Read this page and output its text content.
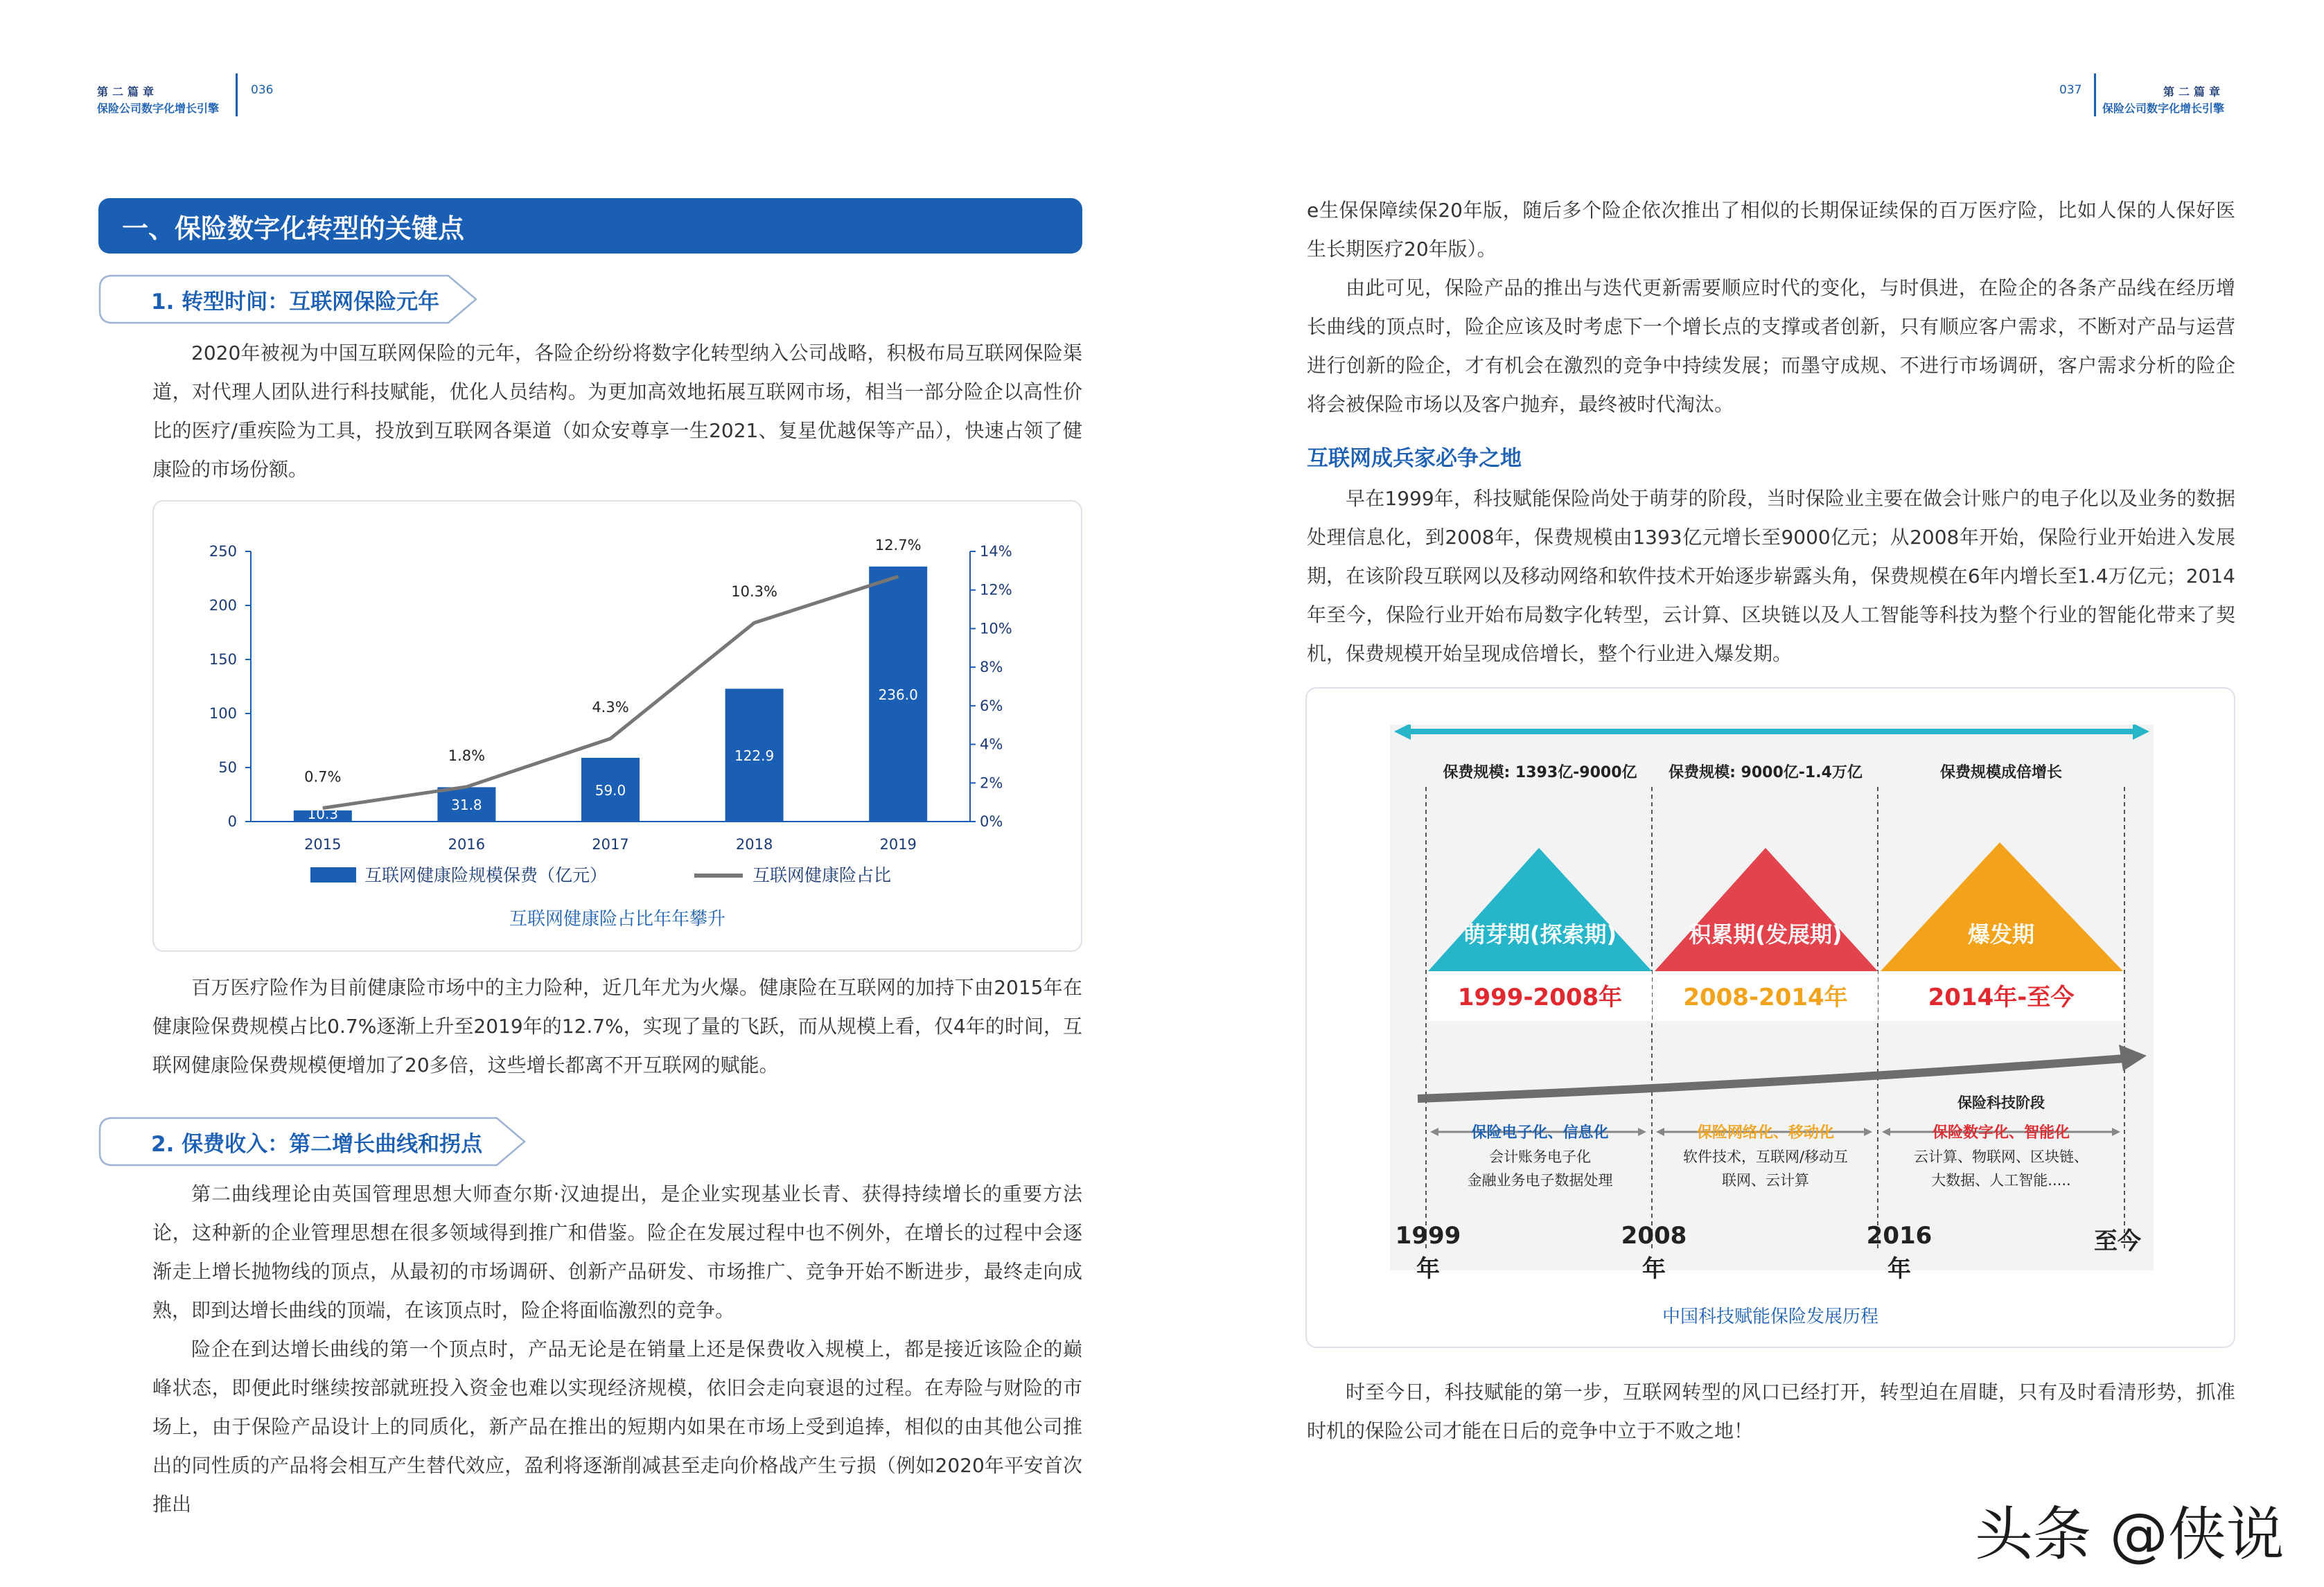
第二篇章
保险公司数字化增长引擎
036	037	第二篇章
保险公司数字化增长引擎
一、保险数字化转型的关键点
1. 转型时间：互联网保险元年

2020年被视为中国互联网保险的元年，各险企纷纷将数字化转型纳入公司战略，积极布局互联网保险渠道，对代理人团队进行科技赋能，优化人员结构。为更加高效地拓展互联网市场，相当一部分险企以高性价比的医疗/重疾险为工具，投放到互联网各渠道（如众安尊享一生2021、复星优越保等产品），快速占领了健康险的市场份额。

0
50
100
150
200
250
0%
2%
4%
6%
8%
10%
12%
14%
10.3
2015
31.8
2016
59.0
2017
122.9
2018
236.0
2019
0.7%
1.8%
4.3%
10.3%
12.7%
互联网健康险规模保费（亿元）	互联网健康险占比
互联网健康险占比年年攀升

百万医疗险作为目前健康险市场中的主力险种，近几年尤为火爆。健康险在互联网的加持下由2015年在健康险保费规模占比0.7%逐渐上升至2019年的12.7%，实现了量的飞跃，而从规模上看，仅4年的时间，互联网健康险保费规模便增加了20多倍，这些增长都离不开互联网的赋能。

2. 保费收入：第二增长曲线和拐点

第二曲线理论由英国管理思想大师查尔斯·汉迪提出，是企业实现基业长青、获得持续增长的重要方法论，这种新的企业管理思想在很多领域得到推广和借鉴。险企在发展过程中也不例外，在增长的过程中会逐渐走上增长抛物线的顶点，从最初的市场调研、创新产品研发、市场推广、竞争开始不断进步，最终走向成熟，即到达增长曲线的顶端，在该顶点时，险企将面临激烈的竞争。

险企在到达增长曲线的第一个顶点时，产品无论是在销量上还是保费收入规模上，都是接近该险企的巅峰状态，即便此时继续按部就班投入资金也难以实现经济规模，依旧会走向衰退的过程。在寿险与财险的市场上，由于保险产品设计上的同质化，新产品在推出的短期内如果在市场上受到追捧，相似的由其他公司推出的同性质的产品将会相互产生替代效应，盈利将逐渐削减甚至走向价格战产生亏损（例如2020年平安首次推出

e生保保障续保20年版，随后多个险企依次推出了相似的长期保证续保的百万医疗险，比如人保的人保好医生长期医疗20年版）。

由此可见，保险产品的推出与迭代更新需要顺应时代的变化，与时俱进，在险企的各条产品线在经历增长曲线的顶点时，险企应该及时考虑下一个增长点的支撑或者创新，只有顺应客户需求，不断对产品与运营进行创新的险企，才有机会在激烈的竞争中持续发展；而墨守成规、不进行市场调研，客户需求分析的险企将会被保险市场以及客户抛弃，最终被时代淘汰。

互联网成兵家必争之地

早在1999年，科技赋能保险尚处于萌芽的阶段，当时保险业主要在做会计账户的电子化以及业务的数据处理信息化，到2008年，保费规模由1393亿元增长至9000亿元；从2008年开始，保险行业开始进入发展期，在该阶段互联网以及移动网络和软件技术开始逐步崭露头角，保费规模在6年内增长至1.4万亿元；2014年至今，保险行业开始布局数字化转型，云计算、区块链以及人工智能等科技为整个行业的智能化带来了契机，保费规模开始呈现成倍增长，整个行业进入爆发期。

保费规模: 1393亿-9000亿
萌芽期(探索期)
1999-2008年
保险电子化、信息化
会计账务电子化
金融业务电子数据处理
保费规模: 9000亿-1.4万亿
积累期(发展期)
2008-2014年
保险网络化、移动化
软件技术，互联网/移动互
联网、云计算
保费规模成倍增长
爆发期
2014年-至今
保险科技阶段
保险数字化、智能化
云计算、物联网、区块链、
大数据、人工智能.....
1999年
2008年
2016年
至今
中国科技赋能保险发展历程

时至今日，科技赋能的第一步，互联网转型的风口已经打开，转型迫在眉睫，只有及时看清形势，抓准时机的保险公司才能在日后的竞争中立于不败之地！

头条 @侠说
